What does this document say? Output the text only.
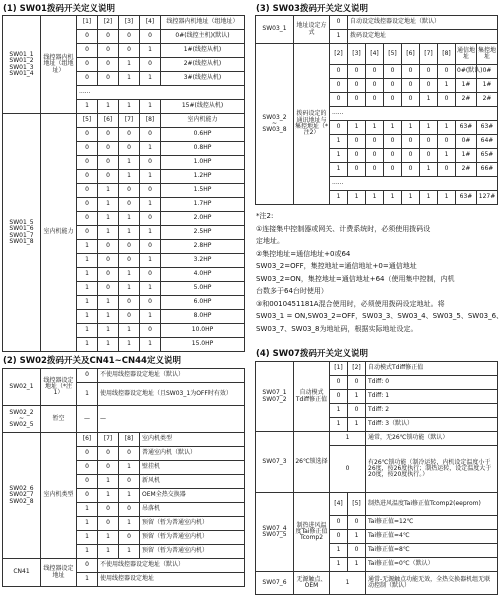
(1) SW01拨码开关定义说明
SW01_1
SW01_2
SW01_3
SW01_4	线控器内机地址（组地址）	[1]	[2]	[3]	[4]	线控器内机地址（组地址）
		0	0	0	0	0#(线控主机)(默认)
		0	0	0	1	1#(线控从机)
		0	0	1	0	2#(线控从机)
		0	0	1	1	3#(线控从机)
		......				
		1	1	1	1	15#(线控从机)
SW01_5
SW01_6
SW01_7
SW01_8	室内机能力	[5]	[6]	[7]	[8]	室内机能力
		0	0	0	0	0.6HP
		0	0	0	1	0.8HP
		0	0	1	0	1.0HP
		0	0	1	1	1.2HP
		0	1	0	0	1.5HP
		0	1	0	1	1.7HP
		0	1	1	0	2.0HP
		0	1	1	1	2.5HP
		1	0	0	0	2.8HP
		1	0	0	1	3.2HP
		1	0	1	0	4.0HP
		1	0	1	1	5.0HP
		1	1	0	0	6.0HP
		1	1	0	1	8.0HP
		1	1	1	0	10.0HP
		1	1	1	1	15.0HP
(3) SW03拨码开关定义说明
SW03_1	地址设定方式	0	自动设定线控器设定地址（默认）							
		1	拨码设定地址							
SW03_2
~
SW03_8	拨码设定的通讯地址与集控地址（*注2）	[2]	[3]	[4]	[5]	[6]	[7]	[8]	通信地址	集控地址
		0	0	0	0	0	0	0	0#(默认)	0#
		0	0	0	0	0	0	1	1#	1#
		0	0	0	0	0	1	0	2#	2#
		......								
		0	1	1	1	1	1	1	63#	63#
		1	0	0	0	0	0	0	0#	64#
		1	0	0	0	0	0	1	1#	65#
		1	0	0	0	0	1	0	2#	66#
		......								
		1	1	1	1	1	1	1	63#	127#
*注2:
①连接集中控制器或网关、计费系统时，必须使用拨码设
定地址。
②集控地址=通信地址+0或64
SW03_2=OFF，集控地址=通信地址+0=通信地址
SW03_2=ON，集控地址=通信地址+64（使用集中控制，内机
台数多于64台时使用）
③和0010451181A混合使用时，必须使用拨码设定地址。将
SW03_1 = ON,SW03_2=OFF，SW03_3、SW03_4、SW03_5、SW03_6、
SW03_7、SW03_8为地址码，根据实际地址设定。
(2) SW02拨码开关及CN41~CN44定义说明
SW02_1	线控器设定地址（*注1）	0	不使用线控器设定地址（默认）		
		1	使用线控器设定地址（且SW03_1为OFF时有效）		
SW02_2
~
SW02_5	暂空	—	—		
SW02_6
SW02_7
SW02_8	室内机类型	[6]	[7]	[8]	室内机类型
		0	0	0	普通室内机（默认）
		0	0	1	壁挂机
		0	1	0	新风机
		0	1	1	OEM全热交换器
		1	0	0	吊落机
		1	0	1	预留（暂为普通室内机）
		1	1	0	预留（暂为普通室内机）
		1	1	1	预留（暂为普通室内机）
CN41	线控器设定地址	0	不使用线控器设定地址（默认）		
		1	使用线控器设定地址		
(4) SW07拨码开关定义说明
SW07_1
SW07_2	自动模式Tdiff修正值	[1]	[2]	自动模式Tdiff修正值
		0	0	Tdiff: 0
		0	1	Tdiff: 1
		1	0	Tdiff: 2
		1	1	Tdiff: 3（默认）
SW07_3	26℃锁选择	1		通常，无26℃锁功能（默认）
		0		有26℃锁功能（制冷运转，内机设定温度小于26度，按26度执行；制热运转，设定温度大于20度，按20度执行。）
SW07_4
SW07_5	制热进风温度Tai修正值Tcomp2	[4]	[5]	制热进风温度Tai修正值Tcomp2(eeprom)
		0	0	Tai修正值=12℃
		0	1	Tai修正值=4℃
		1	0	Tai修正值=8℃
		1	1	Tai修正值=0℃（默认）
SW07_6	无源触点、OEM	1		通常-无源触点功能无效，全热交换器机组无联动控制（默认）
